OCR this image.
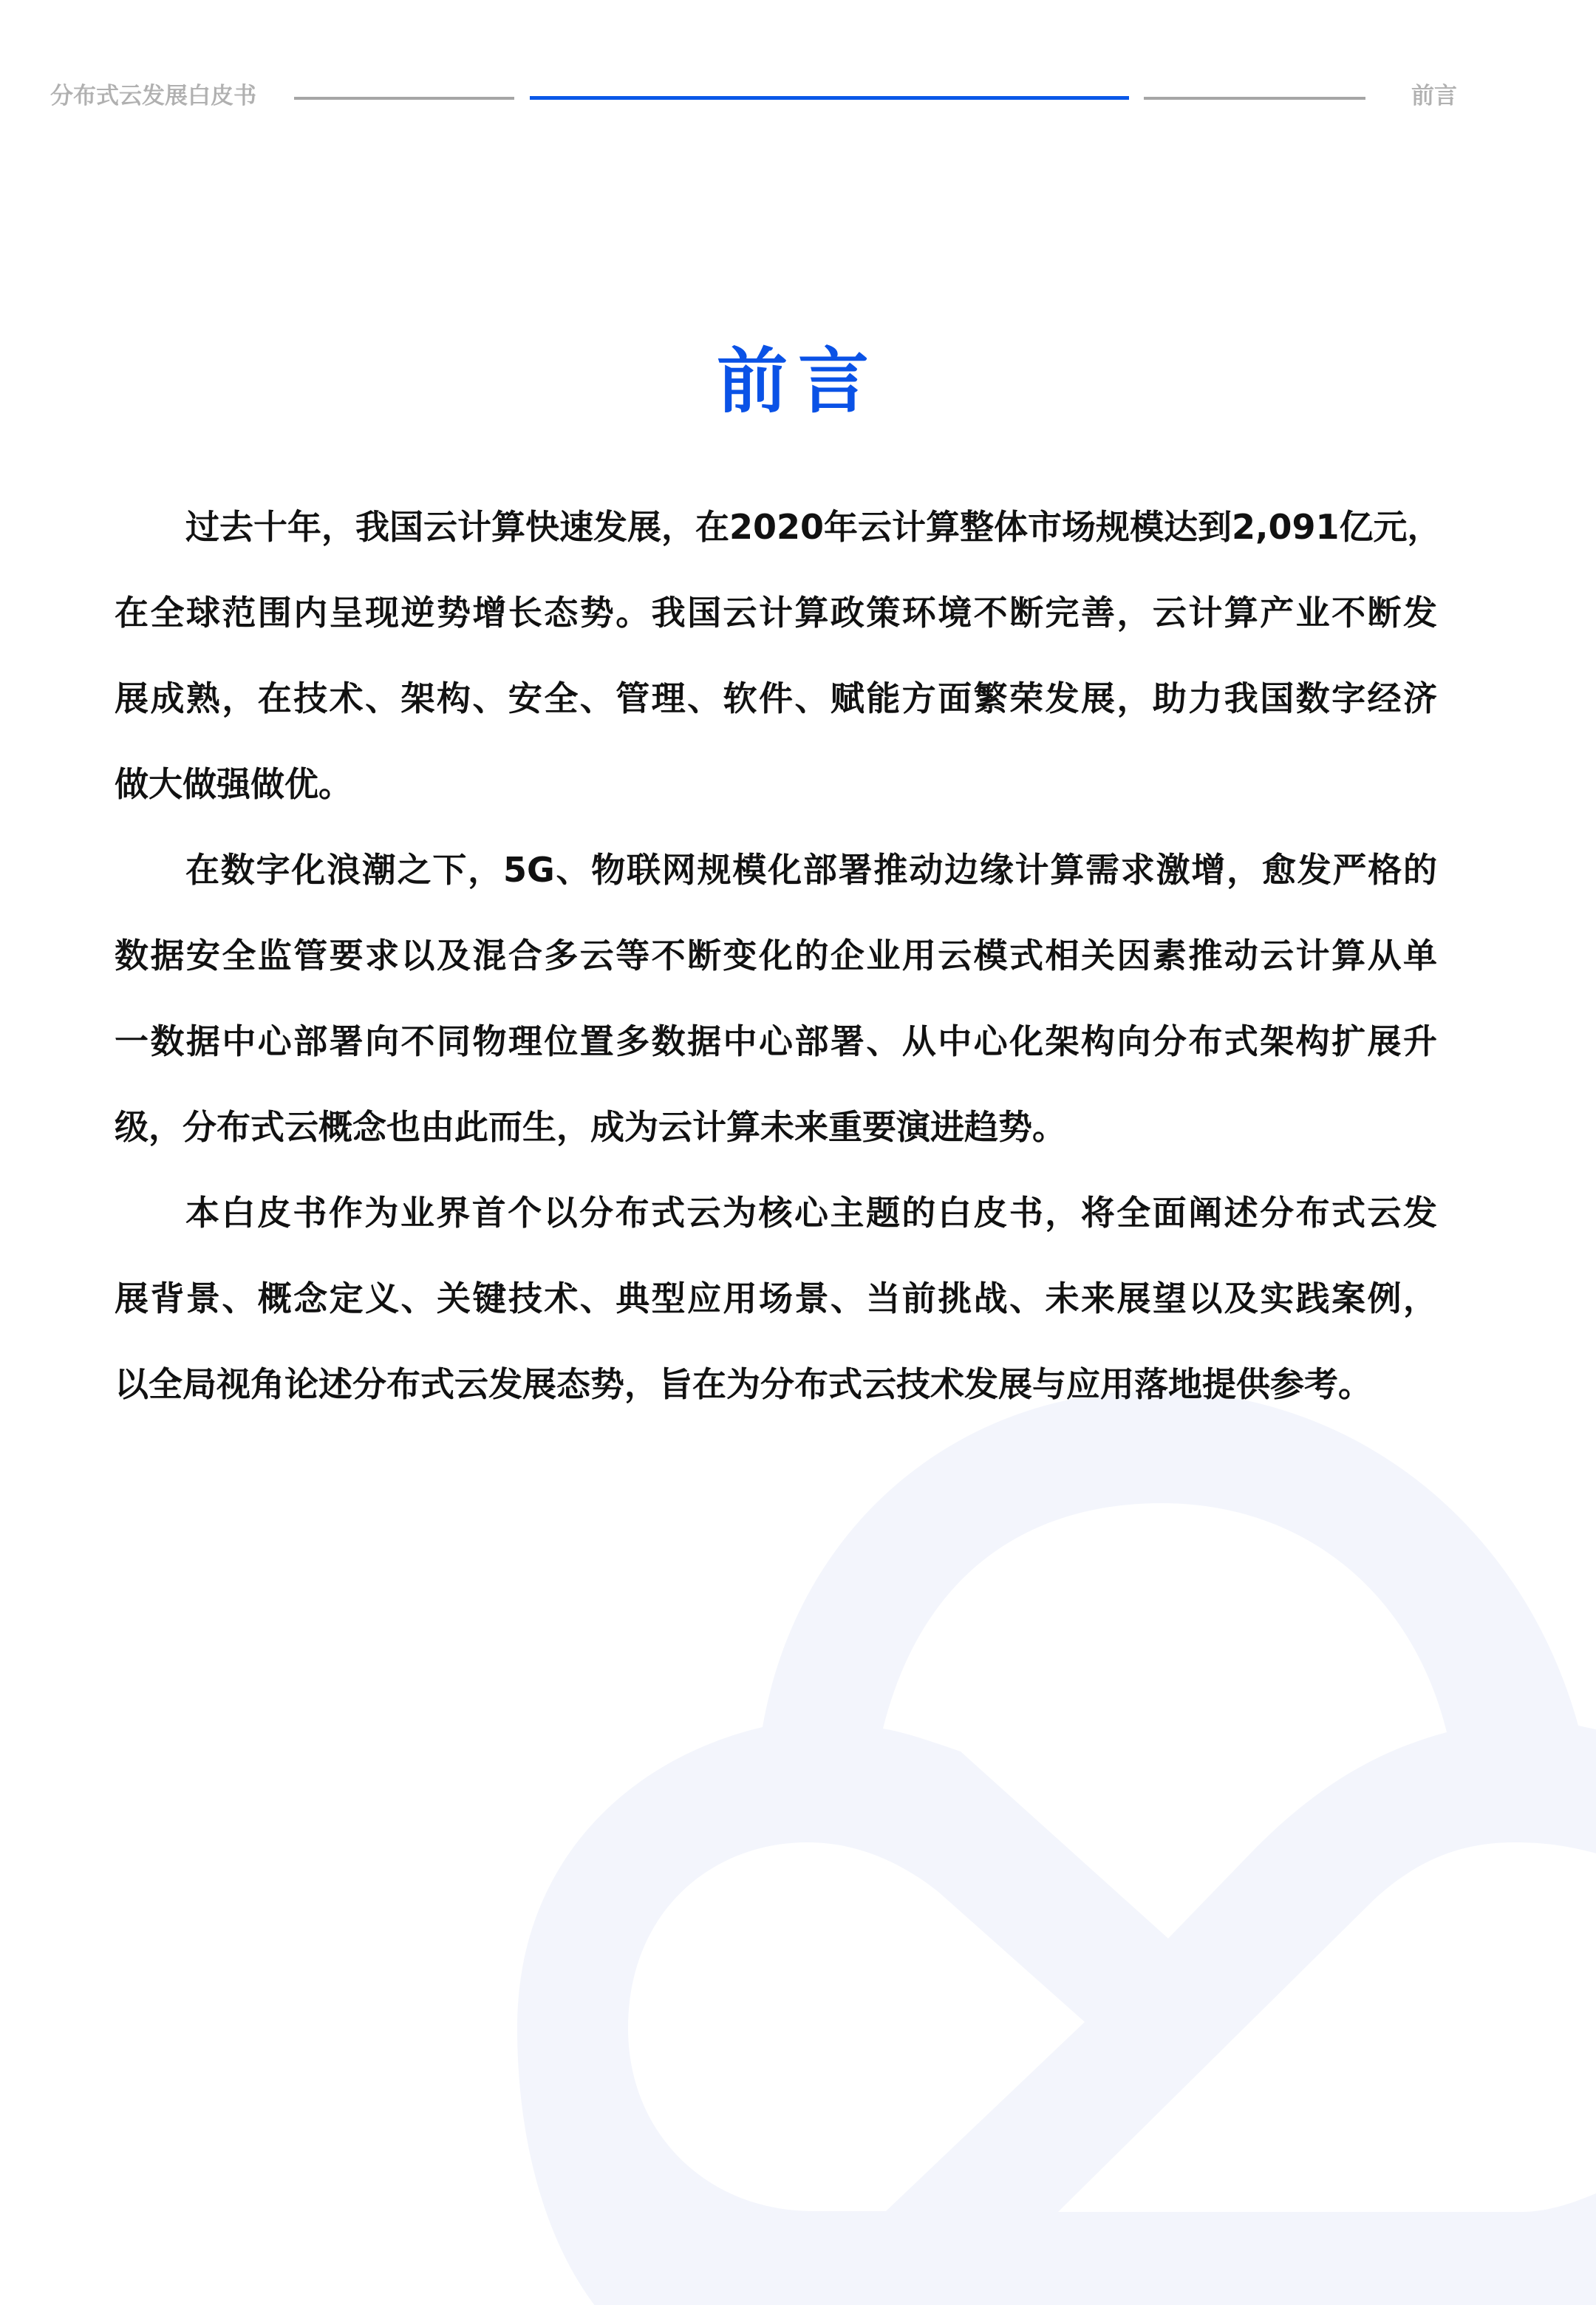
分布式云发展白皮书	前言
前言

过去十年，我国云计算快速发展，在2020年云计算整体市场规模达到2,091亿元，
在全球范围内呈现逆势增长态势。我国云计算政策环境不断完善，云计算产业不断发
展成熟，在技术、架构、安全、管理、软件、赋能方面繁荣发展，助力我国数字经济
做大做强做优。

在数字化浪潮之下，5G、物联网规模化部署推动边缘计算需求激增，愈发严格的
数据安全监管要求以及混合多云等不断变化的企业用云模式相关因素推动云计算从单
一数据中心部署向不同物理位置多数据中心部署、从中心化架构向分布式架构扩展升
级，分布式云概念也由此而生，成为云计算未来重要演进趋势。

本白皮书作为业界首个以分布式云为核心主题的白皮书，将全面阐述分布式云发
展背景、概念定义、关键技术、典型应用场景、当前挑战、未来展望以及实践案例，
以全局视角论述分布式云发展态势，旨在为分布式云技术发展与应用落地提供参考。
